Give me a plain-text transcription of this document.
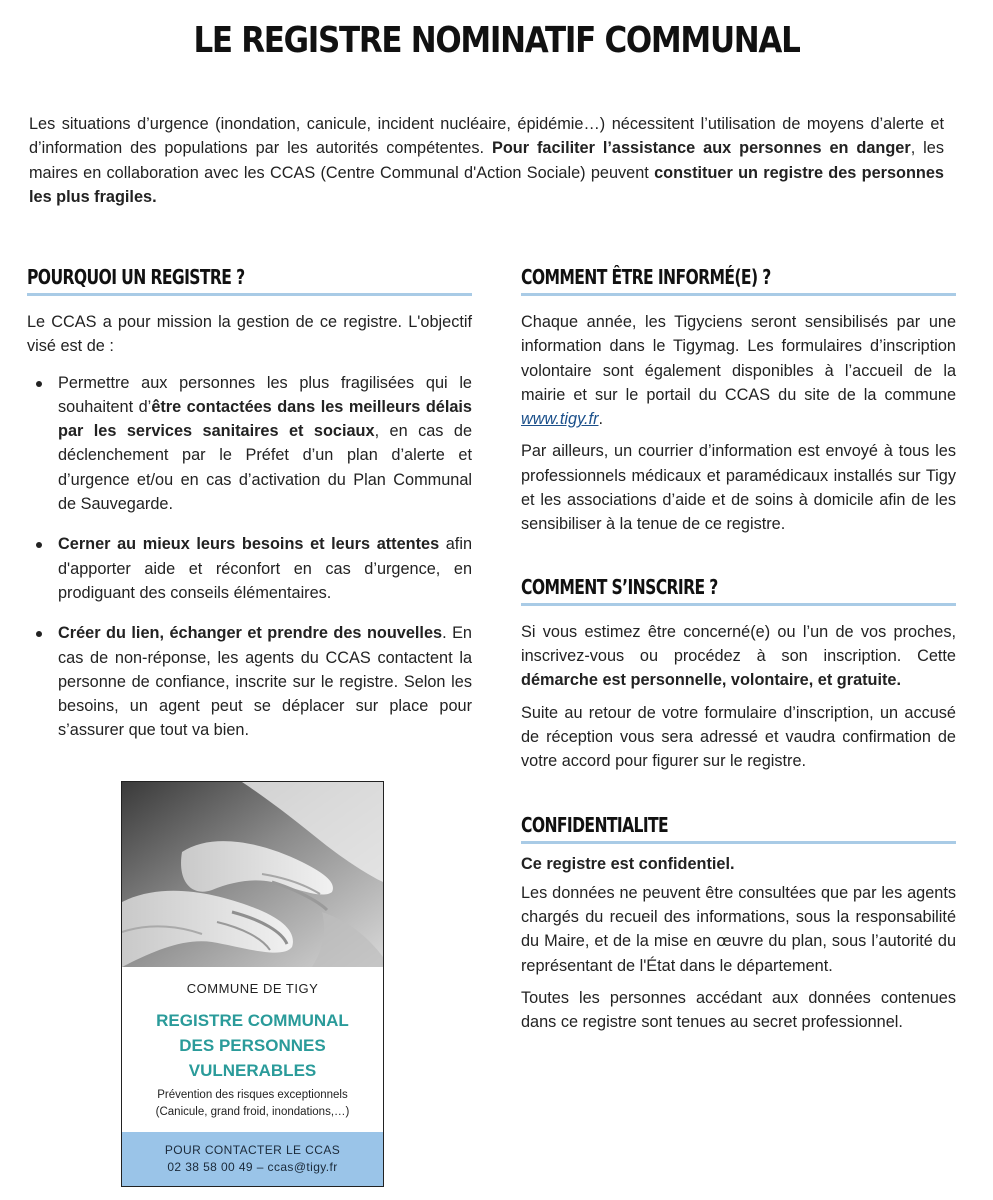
LE REGISTRE NOMINATIF COMMUNAL

Les situations d’urgence (inondation, canicule, incident nucléaire, épidémie…) nécessitent l’utilisation de moyens d’alerte et d’information des populations par les autorités compétentes. Pour faciliter l’assistance aux personnes en danger, les maires en collaboration avec les CCAS (Centre Communal d'Action Sociale) peuvent constituer un registre des personnes les plus fragiles.

POURQUOI UN REGISTRE ?

Le CCAS a pour mission la gestion de ce registre. L'objectif visé est de :

Permettre aux personnes les plus fragilisées qui le souhaitent d’être contactées dans les meilleurs délais par les services sanitaires et sociaux, en cas de déclenchement par le Préfet d’un plan d’alerte et d’urgence et/ou en cas d’activation du Plan Communal de Sauvegarde.
Cerner au mieux leurs besoins et leurs attentes afin d'apporter aide et réconfort en cas d’urgence, en prodiguant des conseils élémentaires.
Créer du lien, échanger et prendre des nouvelles. En cas de non-réponse, les agents du CCAS contactent la personne de confiance, inscrite sur le registre. Selon les besoins, un agent peut se déplacer sur place pour s’assurer que tout va bien.
COMMUNE DE TIGY
REGISTRE COMMUNAL
DES PERSONNES
VULNERABLES
Prévention des risques exceptionnels
(Canicule, grand froid, inondations,…)
POUR CONTACTER LE CCAS
02 38 58 00 49 – ccas@tigy.fr
COMMENT ÊTRE INFORMÉ(E) ?

Chaque année, les Tigyciens seront sensibilisés par une information dans le Tigymag. Les formulaires d’inscription volontaire sont également disponibles à l’accueil de la mairie et sur le portail du CCAS du site de la commune www.tigy.fr.

Par ailleurs, un courrier d’information est envoyé à tous les professionnels médicaux et paramédicaux installés sur Tigy et les associations d’aide et de soins à domicile afin de les sensibiliser à la tenue de ce registre.

COMMENT S’INSCRIRE ?

Si vous estimez être concerné(e) ou l’un de vos proches, inscrivez-vous ou procédez à son inscription. Cette démarche est personnelle, volontaire, et gratuite.

Suite au retour de votre formulaire d’inscription, un accusé de réception vous sera adressé et vaudra confirmation de votre accord pour figurer sur le registre.

CONFIDENTIALITE

Ce registre est confidentiel.

Les données ne peuvent être consultées que par les agents chargés du recueil des informations, sous la responsabilité du Maire, et de la mise en œuvre du plan, sous l’autorité du représentant de l'État dans le département.

Toutes les personnes accédant aux données contenues dans ce registre sont tenues au secret professionnel.
